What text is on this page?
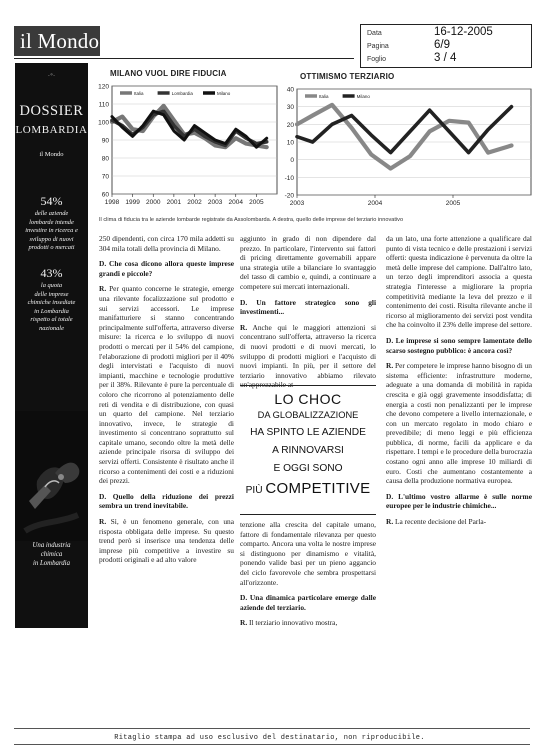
il Mondo	Data	16-12-2005
Pagina	6/9
Foglio	3 / 4
·ᐤ·
DOSSIER
LOMBARDIA
il Mondo
54%
delle aziende
lombarde intende
investire in ricerca e
sviluppo di nuovi
prodotti o mercati
43%
la quota
delle imprese
chimiche insediate
in Lombardia
rispetto al totale
nazionale
Una industria
chimica
in Lombardia
MILANO VUOL DIRE FIDUCIA
60
70
80
90
100
110
120
1998 1999 2000 2001 2002 2003 2004 2005
Italia	Lombardia	Milano
OTTIMISMO TERZIARIO
-20
-10
0
10
20
30
40
2003	2004	2005
Italia	Milano
Il clima di fiducia tra le aziende lombarde registrate da Assolombarda. A destra, quello delle imprese del terziario innovativo

250 dipendenti, con circa 170 mila addetti su 304 mila totali della provincia di Milano.

D. Che cosa dicono allora queste imprese grandi e piccole?

R. Per quanto concerne le strategie, emerge una rilevante focalizzazione sul prodotto e sui servizi accessori. Le imprese manifatturiere si stanno concentrando principalmente sull'offerta, attraverso diverse misure: la ricerca e lo sviluppo di nuovi prodotti o mercati per il 54% del campione, l'elaborazione di prodotti migliori per il 40% degli intervistati e l'acquisto di nuovi impianti, macchine e tecnologie produttive per il 38%. Rilevante è pure la percentuale di coloro che ricorrono al potenziamento delle reti di vendita e di distribuzione, con quasi un quarto del campione. Nel terziario innovativo, invece, le strategie di investimento si concentrano soprattutto sul capitale umano, secondo oltre la metà delle aziende principale risorsa di sviluppo dei servizi offerti. Consistente è risultato anche il ricorso a contenimenti dei costi e a riduzioni dei prezzi.

D. Quello della riduzione dei prezzi sembra un trend inevitabile.

R. Sì, è un fenomeno generale, con una risposta obbligata delle imprese. Su questo trend però si inserisce una tendenza delle imprese più competitive a investire su prodotti originali e ad alto valore

aggiunto in grado di non dipendere dal prezzo. In particolare, l'intervento sui fattori di pricing direttamente governabili appare una strategia utile a bilanciare lo svantaggio del tasso di cambio e, quindi, a continuare a competere sui mercati internazionali.

D. Un fattore strategico sono gli investimenti...

R. Anche qui le maggiori attenzioni si concentrano sull'offerta, attraverso la ricerca di nuovi prodotti e di nuovi mercati, lo sviluppo di prodotti migliori e l'acquisto di nuovi impianti. In più, per il settore del terziario innovativo abbiamo rilevato un'apprezzabile at-

LO CHOC
DA GLOBALIZZAZIONE
HA SPINTO LE AZIENDE
A RINNOVARSI
E OGGI SONO
PIÙ COMPETITIVE

tenzione alla crescita del capitale umano, fattore di fondamentale rilevanza per questo comparto. Ancora una volta le nostre imprese si distinguono per dinamismo e vitalità, ponendo valide basi per un pieno aggancio del ciclo favorevole che sembra prospettarsi all'orizzonte.

D. Una dinamica particolare emerge dalle aziende del terziario.

R. Il terziario innovativo mostra,

da un lato, una forte attenzione a qualificare dal punto di vista tecnico e delle prestazioni i servizi offerti: questa indicazione è pervenuta da oltre la metà delle imprese del campione. Dall'altro lato, un terzo degli imprenditori associa a questa strategia l'interesse a migliorare la propria competitività mediante la leva del prezzo e il contenimento dei costi. Risulta rilevante anche il ricorso al miglioramento dei servizi post vendita che ha coinvolto il 23% delle imprese del settore.

D. Le imprese si sono sempre lamentate dello scarso sostegno pubblico: è ancora così?

R. Per competere le imprese hanno bisogno di un sistema efficiente: infrastrutture moderne, adeguate a una domanda di mobilità in rapida crescita e già oggi gravemente insoddisfatta; di energia a costi non penalizzanti per le imprese che devono competere a livello internazionale, e con un mercato regolato in modo chiaro e prevedibile; di meno leggi e più efficienza pubblica, di norme, facili da applicare e da rispettare. I tempi e le procedure della burocrazia costano ogni anno alle imprese 10 miliardi di euro. Costi che aumentano costantemente a causa della produzione normativa europea.

D. L'ultimo vostro allarme è sulle norme europee per le industrie chimiche...

R. La recente decisione del Parla-

Ritaglio stampa ad uso esclusivo del destinatario, non riproducibile.
